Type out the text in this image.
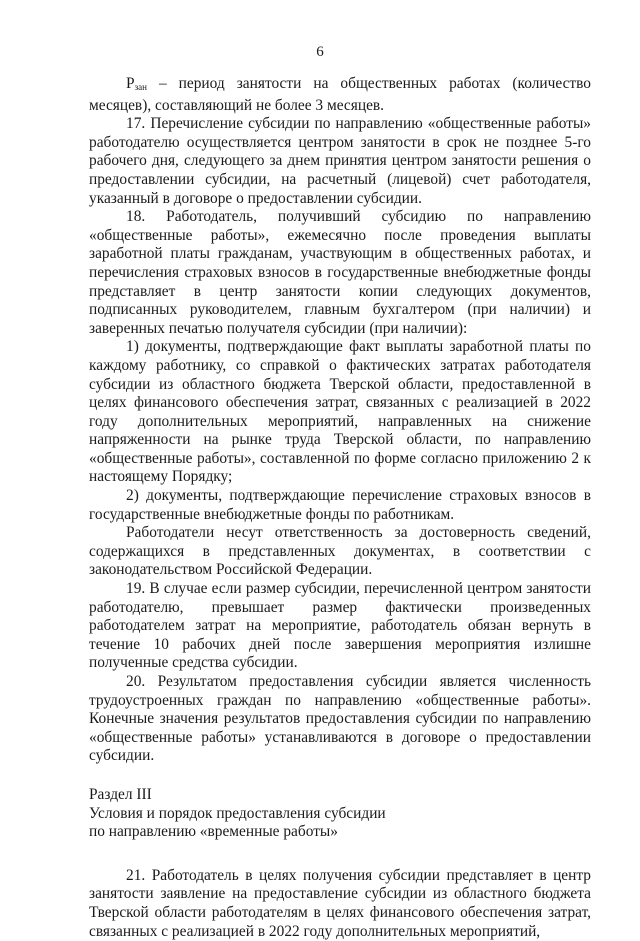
6

$P_{зан}$ – период занятости на общественных работах (количество месяцев), составляющий не более 3 месяцев.

17. Перечисление субсидии по направлению «общественные работы» работодателю осуществляется центром занятости в срок не позднее 5-го рабочего дня, следующего за днем принятия центром занятости решения о предоставлении субсидии, на расчетный (лицевой) счет работодателя, указанный в договоре о предоставлении субсидии.

18. Работодатель, получивший субсидию по направлению «общественные работы», ежемесячно после проведения выплаты заработной платы гражданам, участвующим в общественных работах, и перечисления страховых взносов в государственные внебюджетные фонды представляет в центр занятости копии следующих документов, подписанных руководителем, главным бухгалтером (при наличии) и заверенных печатью получателя субсидии (при наличии):

1) документы, подтверждающие факт выплаты заработной платы по каждому работнику, со справкой о фактических затратах работодателя субсидии из областного бюджета Тверской области, предоставленной в целях финансового обеспечения затрат, связанных с реализацией в 2022 году дополнительных мероприятий, направленных на снижение напряженности на рынке труда Тверской области, по направлению «общественные работы», составленной по форме согласно приложению 2 к настоящему Порядку;

2) документы, подтверждающие перечисление страховых взносов в государственные внебюджетные фонды по работникам.

Работодатели несут ответственность за достоверность сведений, содержащихся в представленных документах, в соответствии с законодательством Российской Федерации.

19. В случае если размер субсидии, перечисленной центром занятости работодателю, превышает размер фактически произведенных работодателем затрат на мероприятие, работодатель обязан вернуть в течение 10 рабочих дней после завершения мероприятия излишне полученные средства субсидии.

20. Результатом предоставления субсидии является численность трудоустроенных граждан по направлению «общественные работы». Конечные значения результатов предоставления субсидии по направлению «общественные работы» устанавливаются в договоре о предоставлении субсидии.

Раздел III

Условия и порядок предоставления субсидии

по направлению «временные работы»

21. Работодатель в целях получения субсидии представляет в центр занятости заявление на предоставление субсидии из областного бюджета Тверской области работодателям в целях финансового обеспечения затрат, связанных с реализацией в 2022 году дополнительных мероприятий,
